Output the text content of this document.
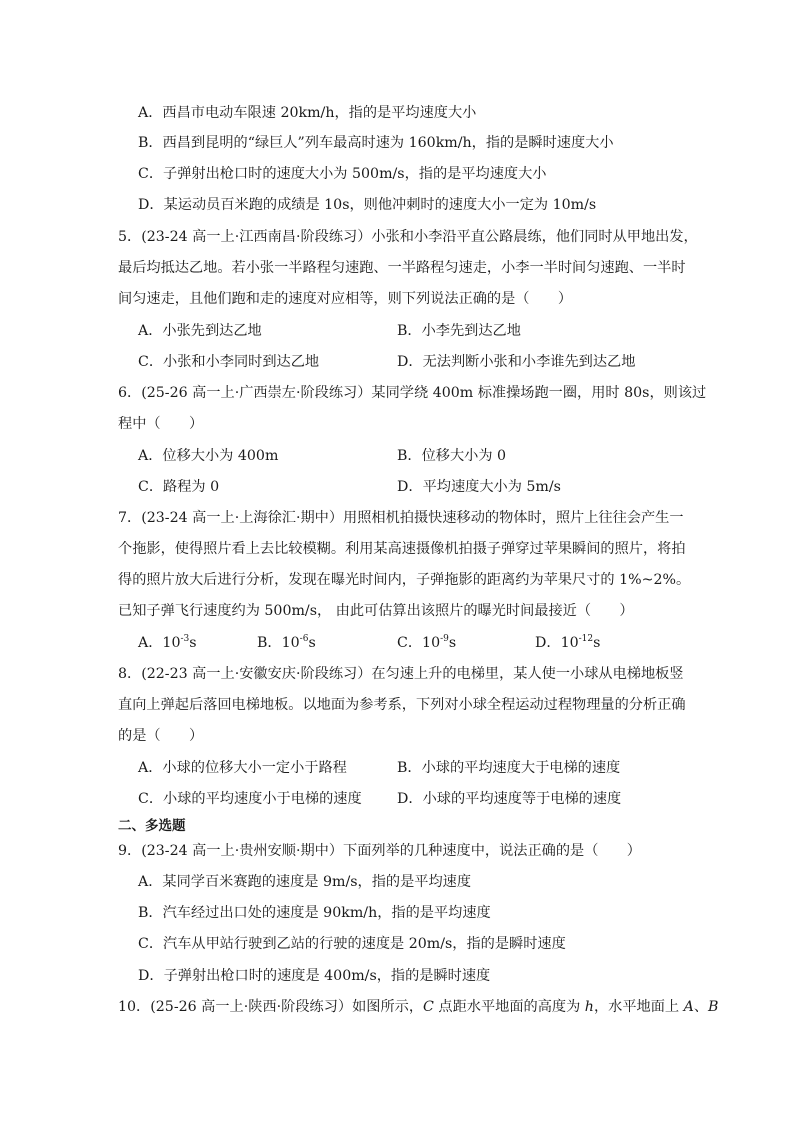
A．西昌市电动车限速 20km/h，指的是平均速度大小
B．西昌到昆明的“绿巨人”列车最高时速为 160km/h，指的是瞬时速度大小
C．子弹射出枪口时的速度大小为 500m/s，指的是平均速度大小
D．某运动员百米跑的成绩是 10s，则他冲刺时的速度大小一定为 10m/s
5．(23-24 高一上·江西南昌·阶段练习）小张和小李沿平直公路晨练，他们同时从甲地出发，
最后均抵达乙地。若小张一半路程匀速跑、一半路程匀速走，小李一半时间匀速跑、一半时
间匀速走，且他们跑和走的速度对应相等，则下列说法正确的是（　　）
A．小张先到达乙地	B．小李先到达乙地
C．小张和小李同时到达乙地	D．无法判断小张和小李谁先到达乙地
6．(25-26 高一上·广西崇左·阶段练习）某同学绕 400m 标准操场跑一圈，用时 80s，则该过
程中（　　）
A．位移大小为 400m	B．位移大小为 0
C．路程为 0	D．平均速度大小为 5m/s
7．(23-24 高一上·上海徐汇·期中）用照相机拍摄快速移动的物体时，照片上往往会产生一
个拖影，使得照片看上去比较模糊。利用某高速摄像机拍摄子弹穿过苹果瞬间的照片，将拍
得的照片放大后进行分析，发现在曝光时间内，子弹拖影的距离约为苹果尺寸的 1%~2%。
已知子弹飞行速度约为 500m/s， 由此可估算出该照片的曝光时间最接近（　　）
A．$10^{-3}s$	B．$10^{-6}s$	C．$10^{-9}s$	D．$10^{-12}s$
8．(22-23 高一上·安徽安庆·阶段练习）在匀速上升的电梯里，某人使一小球从电梯地板竖
直向上弹起后落回电梯地板。以地面为参考系，下列对小球全程运动过程物理量的分析正确
的是（　　）
A．小球的位移大小一定小于路程	B．小球的平均速度大于电梯的速度
C．小球的平均速度小于电梯的速度 D．小球的平均速度等于电梯的速度
二、多选题
9．(23-24 高一上·贵州安顺·期中）下面列举的几种速度中，说法正确的是（　　）
A．某同学百米赛跑的速度是 9m/s，指的是平均速度
B．汽车经过出口处的速度是 90km/h，指的是平均速度
C．汽车从甲站行驶到乙站的行驶的速度是 20m/s，指的是瞬时速度
D．子弹射出枪口时的速度是 400m/s，指的是瞬时速度
10．(25-26 高一上·陕西·阶段练习）如图所示，C 点距水平地面的高度为 h，水平地面上 A、B
